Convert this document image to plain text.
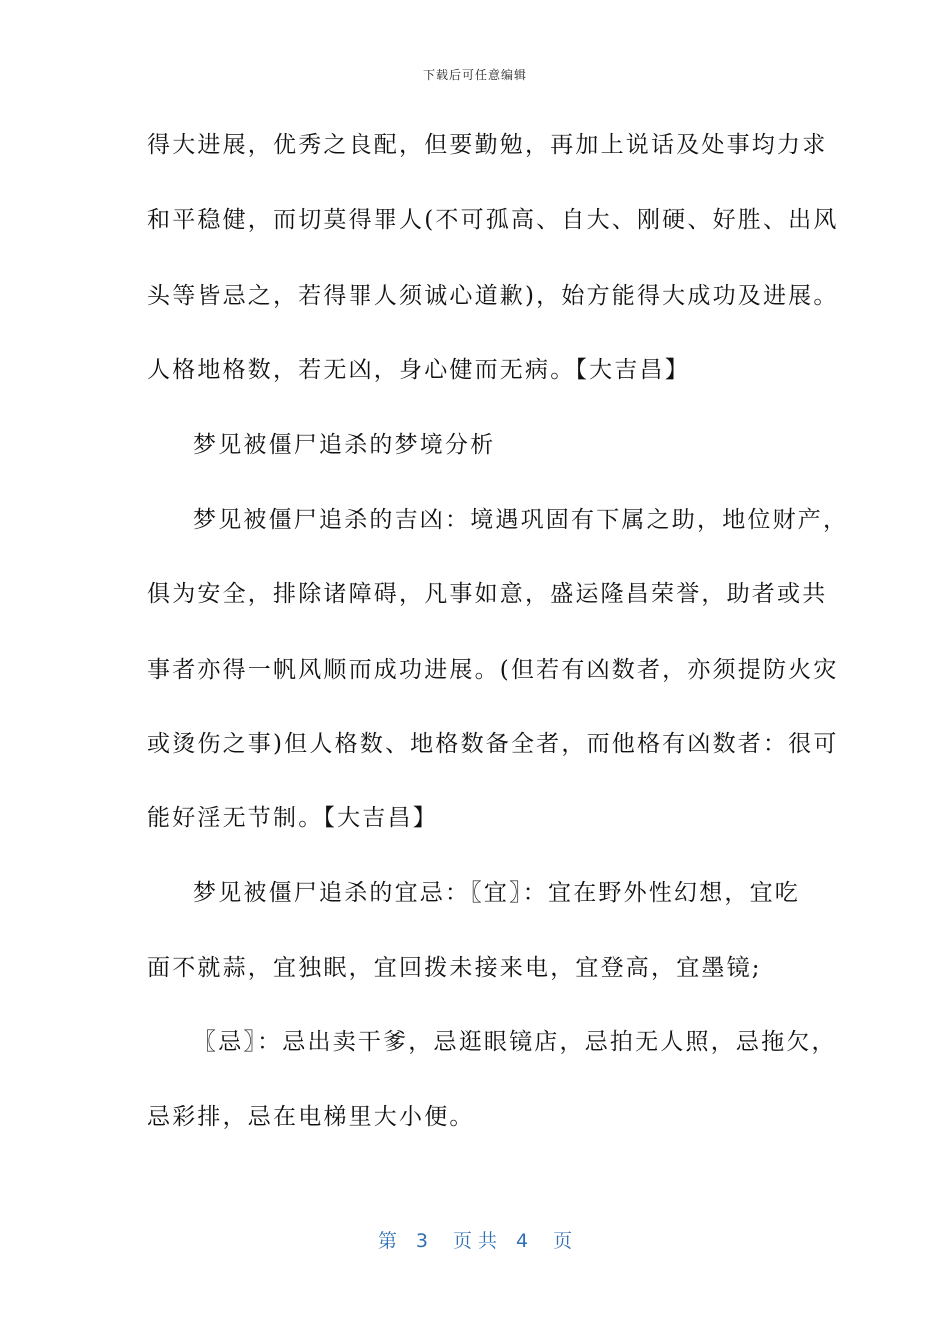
下载后可任意编辑
得大进展，优秀之良配，但要勤勉，再加上说话及处事均力求
和平稳健，而切莫得罪人(不可孤高、自大、刚硬、好胜、出风
头等皆忌之，若得罪人须诚心道歉)，始方能得大成功及进展。
人格地格数，若无凶，身心健而无病。【大吉昌】
梦见被僵尸追杀的梦境分析
梦见被僵尸追杀的吉凶：境遇巩固有下属之助，地位财产，
俱为安全，排除诸障碍，凡事如意，盛运隆昌荣誉，助者或共
事者亦得一帆风顺而成功进展。(但若有凶数者，亦须提防火灾
或烫伤之事)但人格数、地格数备全者，而他格有凶数者：很可
能好淫无节制。【大吉昌】
梦见被僵尸追杀的宜忌：〖宜〗：宜在野外性幻想，宜吃
面不就蒜，宜独眠，宜回拨未接来电，宜登高，宜墨镜;
〖忌〗：忌出卖干爹，忌逛眼镜店，忌拍无人照，忌拖欠，
忌彩排，忌在电梯里大小便。
第　3　 页 共　4　 页
